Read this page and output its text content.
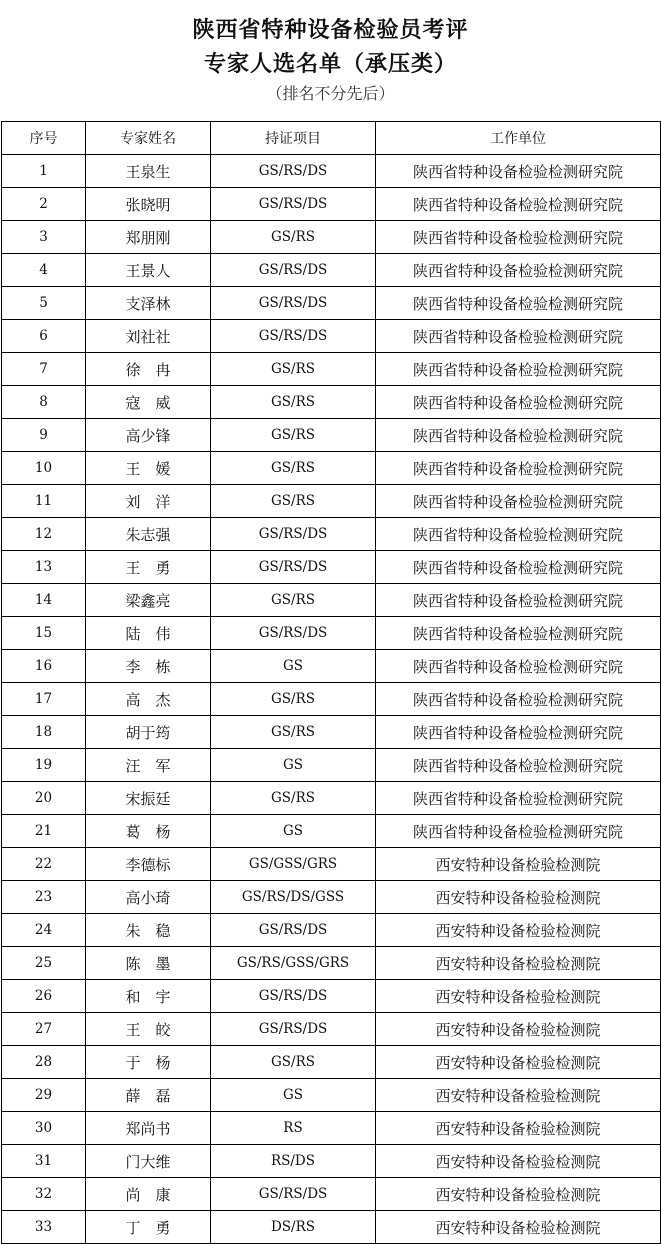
陕西省特种设备检验员考评
专家人选名单（承压类）
（排名不分先后）
序号	专家姓名	持证项目	工作单位
1	王泉生	GS/RS/DS	陕西省特种设备检验检测研究院
2	张晓明	GS/RS/DS	陕西省特种设备检验检测研究院
3	郑朋刚	GS/RS	陕西省特种设备检验检测研究院
4	王景人	GS/RS/DS	陕西省特种设备检验检测研究院
5	支泽林	GS/RS/DS	陕西省特种设备检验检测研究院
6	刘社社	GS/RS/DS	陕西省特种设备检验检测研究院
7	徐　冉	GS/RS	陕西省特种设备检验检测研究院
8	寇　威	GS/RS	陕西省特种设备检验检测研究院
9	高少锋	GS/RS	陕西省特种设备检验检测研究院
10	王　媛	GS/RS	陕西省特种设备检验检测研究院
11	刘　洋	GS/RS	陕西省特种设备检验检测研究院
12	朱志强	GS/RS/DS	陕西省特种设备检验检测研究院
13	王　勇	GS/RS/DS	陕西省特种设备检验检测研究院
14	梁鑫亮	GS/RS	陕西省特种设备检验检测研究院
15	陆　伟	GS/RS/DS	陕西省特种设备检验检测研究院
16	李　栋	GS	陕西省特种设备检验检测研究院
17	高　杰	GS/RS	陕西省特种设备检验检测研究院
18	胡于筠	GS/RS	陕西省特种设备检验检测研究院
19	汪　军	GS	陕西省特种设备检验检测研究院
20	宋振廷	GS/RS	陕西省特种设备检验检测研究院
21	葛　杨	GS	陕西省特种设备检验检测研究院
22	李德标	GS/GSS/GRS	西安特种设备检验检测院
23	高小琦	GS/RS/DS/GSS	西安特种设备检验检测院
24	朱　稳	GS/RS/DS	西安特种设备检验检测院
25	陈　墨	GS/RS/GSS/GRS	西安特种设备检验检测院
26	和　宇	GS/RS/DS	西安特种设备检验检测院
27	王　皎	GS/RS/DS	西安特种设备检验检测院
28	于　杨	GS/RS	西安特种设备检验检测院
29	薛　磊	GS	西安特种设备检验检测院
30	郑尚书	RS	西安特种设备检验检测院
31	门大维	RS/DS	西安特种设备检验检测院
32	尚　康	GS/RS/DS	西安特种设备检验检测院
33	丁　勇	DS/RS	西安特种设备检验检测院
